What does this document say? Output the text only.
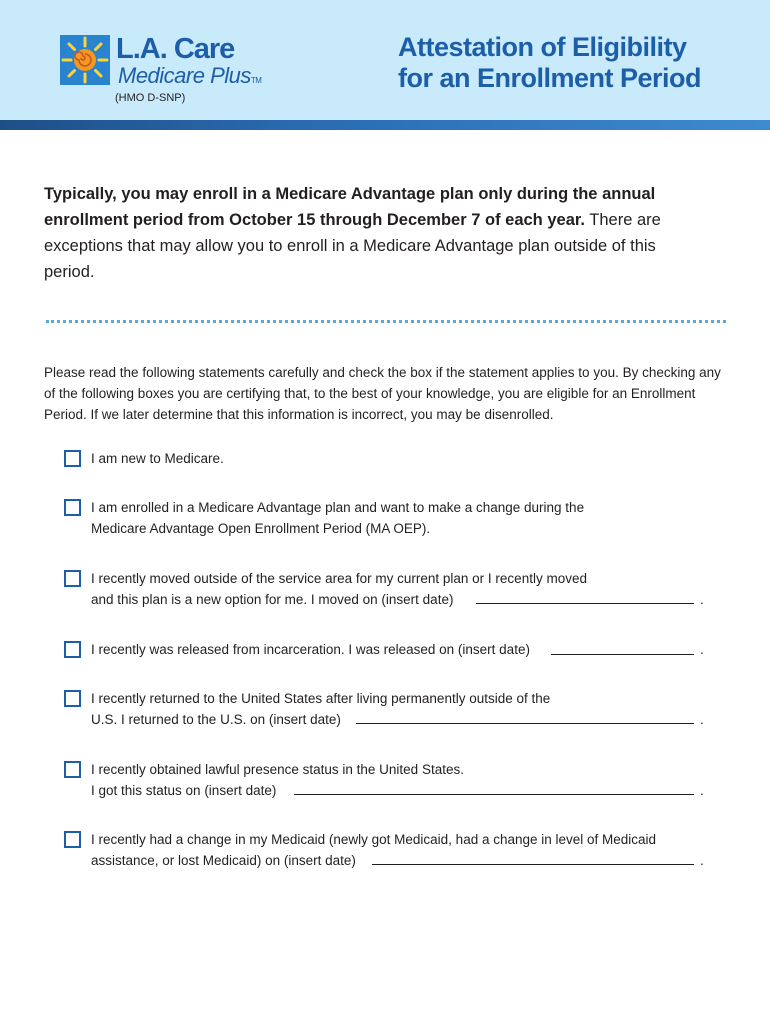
L.A. Care
Medicare PlusTM
(HMO D-SNP)
Attestation of Eligibility
for an Enrollment Period
Typically, you may enroll in a Medicare Advantage plan only during the annual enrollment period from October 15 through December 7 of each year. There are exceptions that may allow you to enroll in a Medicare Advantage plan outside of this period.
Please read the following statements carefully and check the box if the statement applies to you. By checking any of the following boxes you are certifying that, to the best of your knowledge, you are eligible for an Enrollment Period. If we later determine that this information is incorrect, you may be disenrolled.
I am new to Medicare.
I am enrolled in a Medicare Advantage plan and want to make a change during the
Medicare Advantage Open Enrollment Period (MA OEP).
I recently moved outside of the service area for my current plan or I recently moved
and this plan is a new option for me. I moved on (insert date)	.
I recently was released from incarceration. I was released on (insert date)	.
I recently returned to the United States after living permanently outside of the
U.S. I returned to the U.S. on (insert date)	.
I recently obtained lawful presence status in the United States.
I got this status on (insert date)	.
I recently had a change in my Medicaid (newly got Medicaid, had a change in level of Medicaid
assistance, or lost Medicaid) on (insert date)	.
